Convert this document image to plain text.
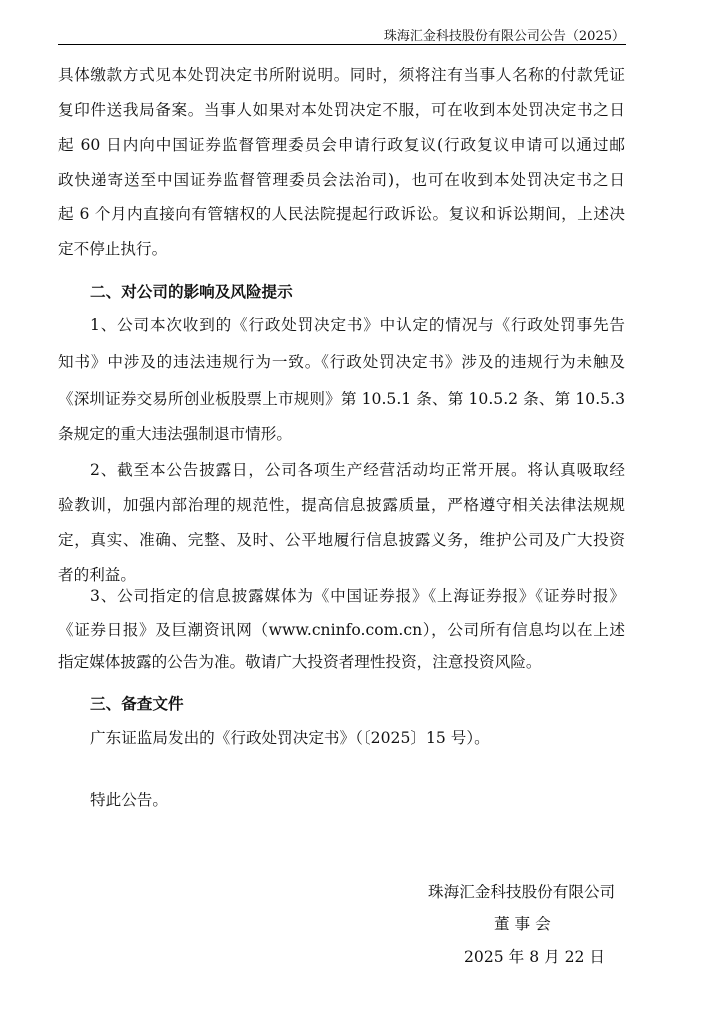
珠海汇金科技股份有限公司公告（2025）
具体缴款方式见本处罚决定书所附说明。同时，须将注有当事人名称的付款凭证
复印件送我局备案。当事人如果对本处罚决定不服，可在收到本处罚决定书之日
起 60 日内向中国证券监督管理委员会申请行政复议(行政复议申请可以通过邮
政快递寄送至中国证券监督管理委员会法治司)，也可在收到本处罚决定书之日
起 6 个月内直接向有管辖权的人民法院提起行政诉讼。复议和诉讼期间，上述决
定不停止执行。
1、公司本次收到的《行政处罚决定书》中认定的情况与《行政处罚事先告
知书》中涉及的违法违规行为一致。《行政处罚决定书》涉及的违规行为未触及
《深圳证券交易所创业板股票上市规则》第 10.5.1 条、第 10.5.2 条、第 10.5.3
条规定的重大违法强制退市情形。
2、截至本公告披露日，公司各项生产经营活动均正常开展。将认真吸取经
验教训，加强内部治理的规范性，提高信息披露质量，严格遵守相关法律法规规
定，真实、准确、完整、及时、公平地履行信息披露义务，维护公司及广大投资
者的利益。
3、公司指定的信息披露媒体为《中国证券报》《上海证券报》《证券时报》
《证券日报》及巨潮资讯网（www.cninfo.com.cn），公司所有信息均以在上述
指定媒体披露的公告为准。敬请广大投资者理性投资，注意投资风险。
二、对公司的影响及风险提示
三、备查文件
广东证监局发出的《行政处罚决定书》（〔2025〕15 号）。
特此公告。
珠海汇金科技股份有限公司
董 事 会
2025 年 8 月 22 日
